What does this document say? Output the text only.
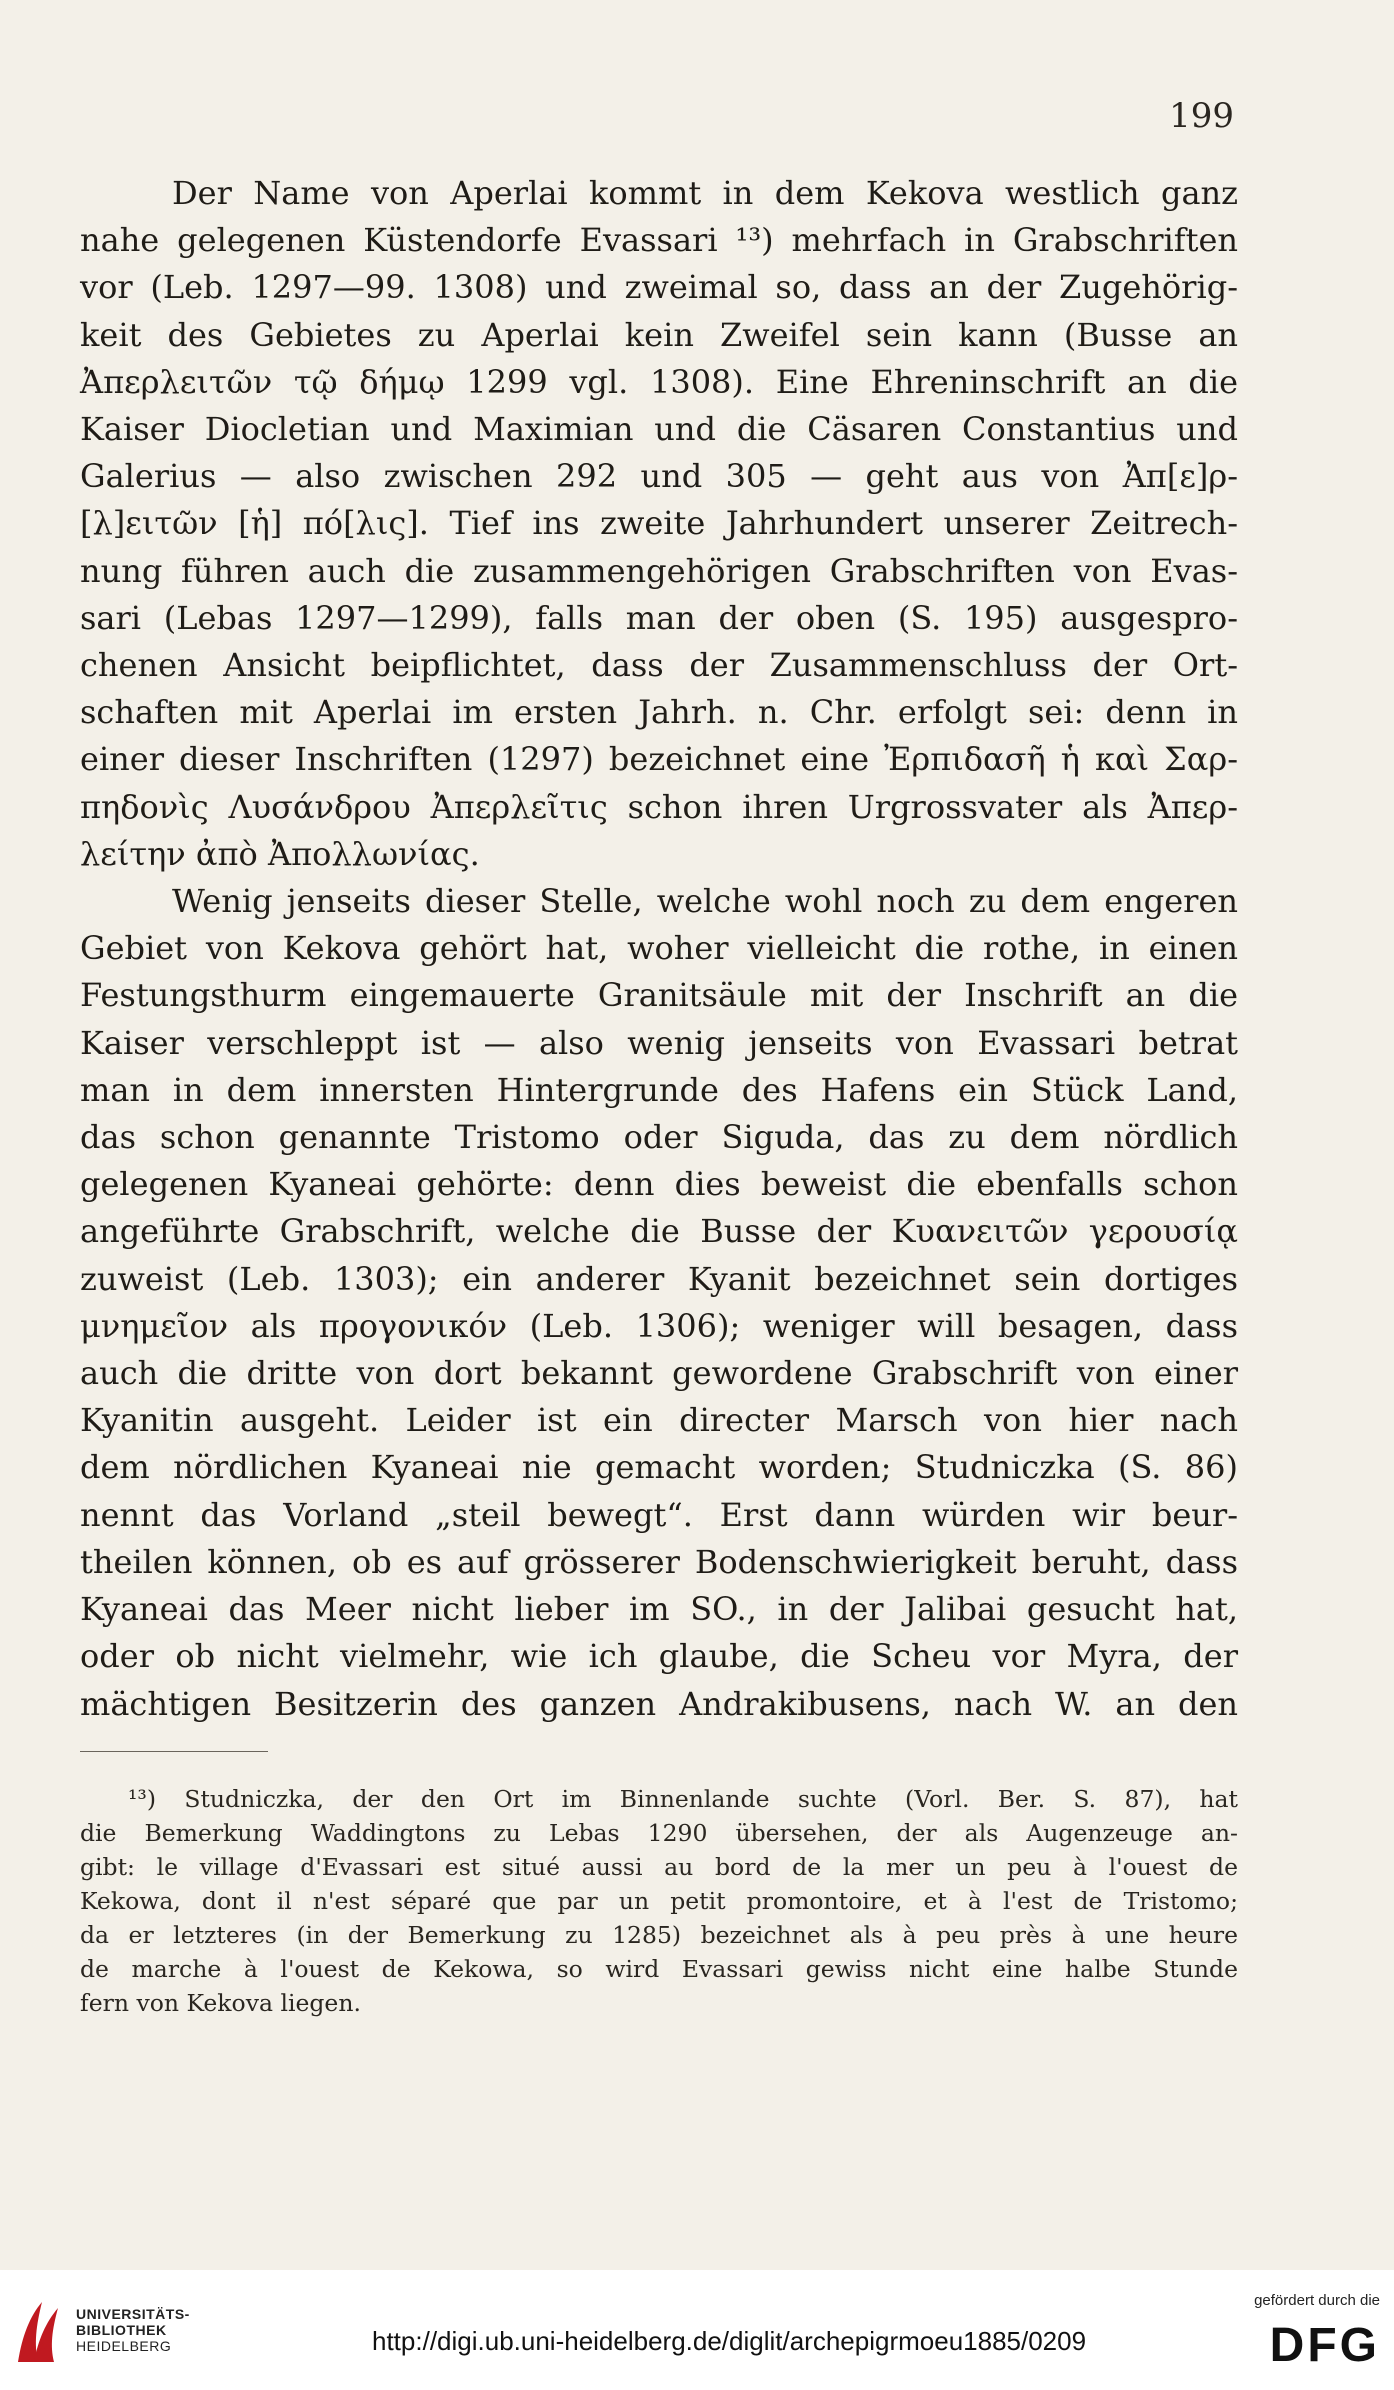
199
Der Name von Aperlai kommt in dem Kekova westlich ganz
nahe gelegenen Küstendorfe Evassari ¹³) mehrfach in Grabschriften
vor (Leb. 1297—99. 1308) und zweimal so, dass an der Zugehörig-
keit des Gebietes zu Aperlai kein Zweifel sein kann (Busse an
Ἀπερλειτῶν τῷ δήμῳ 1299 vgl. 1308). Eine Ehreninschrift an die
Kaiser Diocletian und Maximian und die Cäsaren Constantius und
Galerius — also zwischen 292 und 305 — geht aus von Ἀπ[ε]ρ-
[λ]ειτῶν [ἡ] πό[λις]. Tief ins zweite Jahrhundert unserer Zeitrech-
nung führen auch die zusammengehörigen Grabschriften von Evas-
sari (Lebas 1297—1299), falls man der oben (S. 195) ausgespro-
chenen Ansicht beipflichtet, dass der Zusammenschluss der Ort-
schaften mit Aperlai im ersten Jahrh. n. Chr. erfolgt sei: denn in
einer dieser Inschriften (1297) bezeichnet eine Ἐρπιδασῆ ἡ καὶ Σαρ-
πηδονὶς Λυσάνδρου Ἀπερλεῖτις schon ihren Urgrossvater als Ἀπερ-
λείτην ἀπὸ Ἀπολλωνίας.
Wenig jenseits dieser Stelle, welche wohl noch zu dem engeren
Gebiet von Kekova gehört hat, woher vielleicht die rothe, in einen
Festungsthurm eingemauerte Granitsäule mit der Inschrift an die
Kaiser verschleppt ist — also wenig jenseits von Evassari betrat
man in dem innersten Hintergrunde des Hafens ein Stück Land,
das schon genannte Tristomo oder Siguda, das zu dem nördlich
gelegenen Kyaneai gehörte: denn dies beweist die ebenfalls schon
angeführte Grabschrift, welche die Busse der Κυανειτῶν γερουσίᾳ
zuweist (Leb. 1303); ein anderer Kyanit bezeichnet sein dortiges
μνημεῖον als προγονικόν (Leb. 1306); weniger will besagen, dass
auch die dritte von dort bekannt gewordene Grabschrift von einer
Kyanitin ausgeht. Leider ist ein directer Marsch von hier nach
dem nördlichen Kyaneai nie gemacht worden; Studniczka (S. 86)
nennt das Vorland „steil bewegt“. Erst dann würden wir beur-
theilen können, ob es auf grösserer Bodenschwierigkeit beruht, dass
Kyaneai das Meer nicht lieber im SO., in der Jalibai gesucht hat,
oder ob nicht vielmehr, wie ich glaube, die Scheu vor Myra, der
mächtigen Besitzerin des ganzen Andrakibusens, nach W. an den
¹³) Studniczka, der den Ort im Binnenlande suchte (Vorl. Ber. S. 87), hat
die Bemerkung Waddingtons zu Lebas 1290 übersehen, der als Augenzeuge an-
gibt: le village d'Evassari est situé aussi au bord de la mer un peu à l'ouest de
Kekowa, dont il n'est séparé que par un petit promontoire, et à l'est de Tristomo;
da er letzteres (in der Bemerkung zu 1285) bezeichnet als à peu près à une heure
de marche à l'ouest de Kekowa, so wird Evassari gewiss nicht eine halbe Stunde
fern von Kekova liegen.
UNIVERSITÄTS-
BIBLIOTHEK
HEIDELBERG	http://digi.ub.uni-heidelberg.de/diglit/archepigrmoeu1885/0209
gefördert durch die
DFG
